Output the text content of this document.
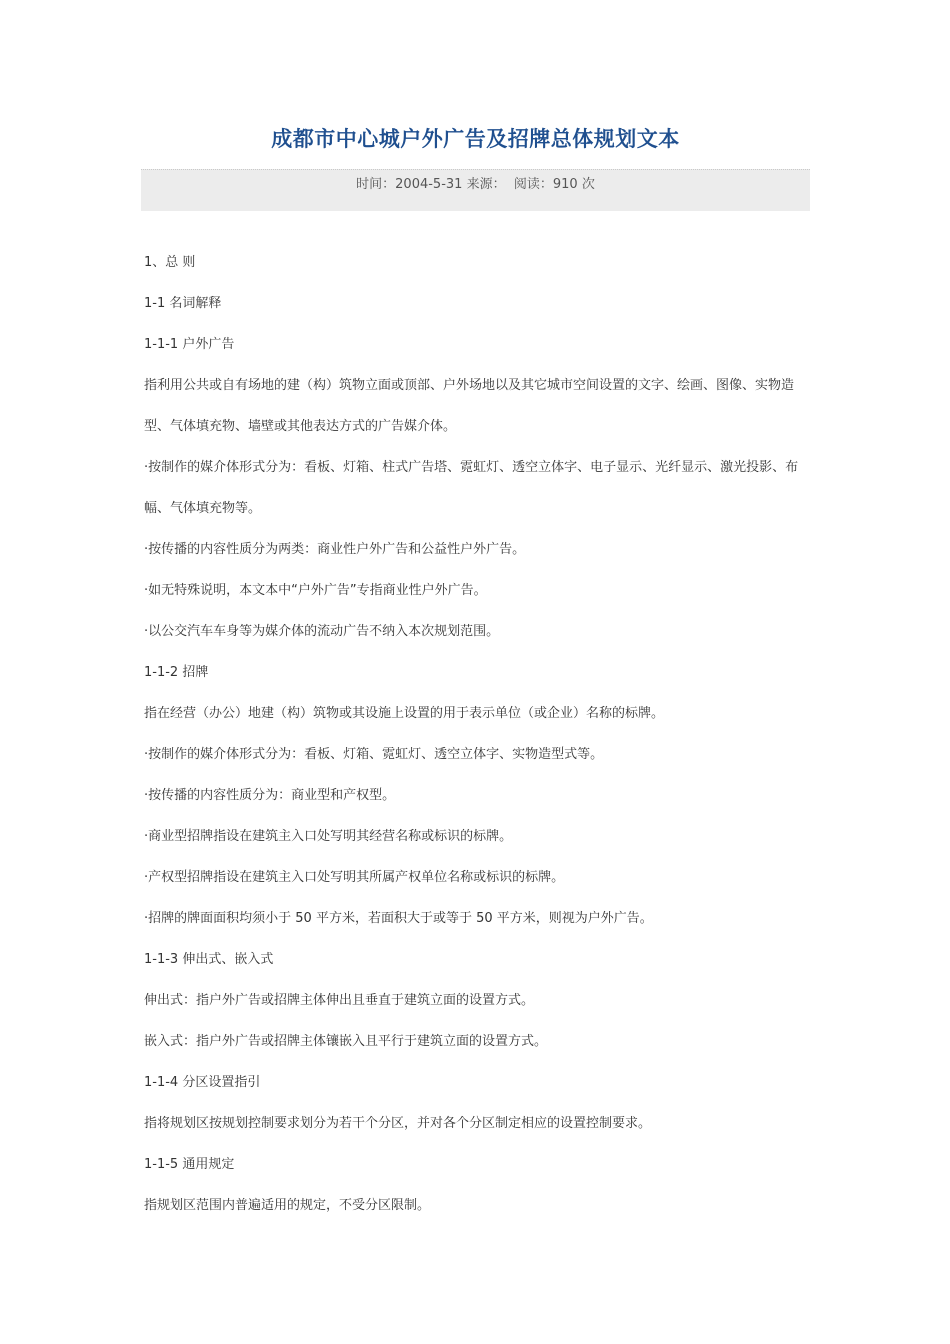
成都市中心城户外广告及招牌总体规划文本
时间：2004-5-31 来源： 阅读：910 次

1、总 则

1-1 名词解释

1-1-1 户外广告

指利用公共或自有场地的建（构）筑物立面或顶部、户外场地以及其它城市空间设置的文字、绘画、图像、实物造型、气体填充物、墙壁或其他表达方式的广告媒介体。

·按制作的媒介体形式分为：看板、灯箱、柱式广告塔、霓虹灯、透空立体字、电子显示、光纤显示、激光投影、布幅、气体填充物等。

·按传播的内容性质分为两类：商业性户外广告和公益性户外广告。

·如无特殊说明，本文本中“户外广告”专指商业性户外广告。

·以公交汽车车身等为媒介体的流动广告不纳入本次规划范围。

1-1-2 招牌

指在经营（办公）地建（构）筑物或其设施上设置的用于表示单位（或企业）名称的标牌。

·按制作的媒介体形式分为：看板、灯箱、霓虹灯、透空立体字、实物造型式等。

·按传播的内容性质分为：商业型和产权型。

·商业型招牌指设在建筑主入口处写明其经营名称或标识的标牌。

·产权型招牌指设在建筑主入口处写明其所属产权单位名称或标识的标牌。

·招牌的牌面面积均须小于 50 平方米，若面积大于或等于 50 平方米，则视为户外广告。

1-1-3 伸出式、嵌入式

伸出式：指户外广告或招牌主体伸出且垂直于建筑立面的设置方式。

嵌入式：指户外广告或招牌主体镶嵌入且平行于建筑立面的设置方式。

1-1-4 分区设置指引

指将规划区按规划控制要求划分为若干个分区，并对各个分区制定相应的设置控制要求。

1-1-5 通用规定

指规划区范围内普遍适用的规定，不受分区限制。
